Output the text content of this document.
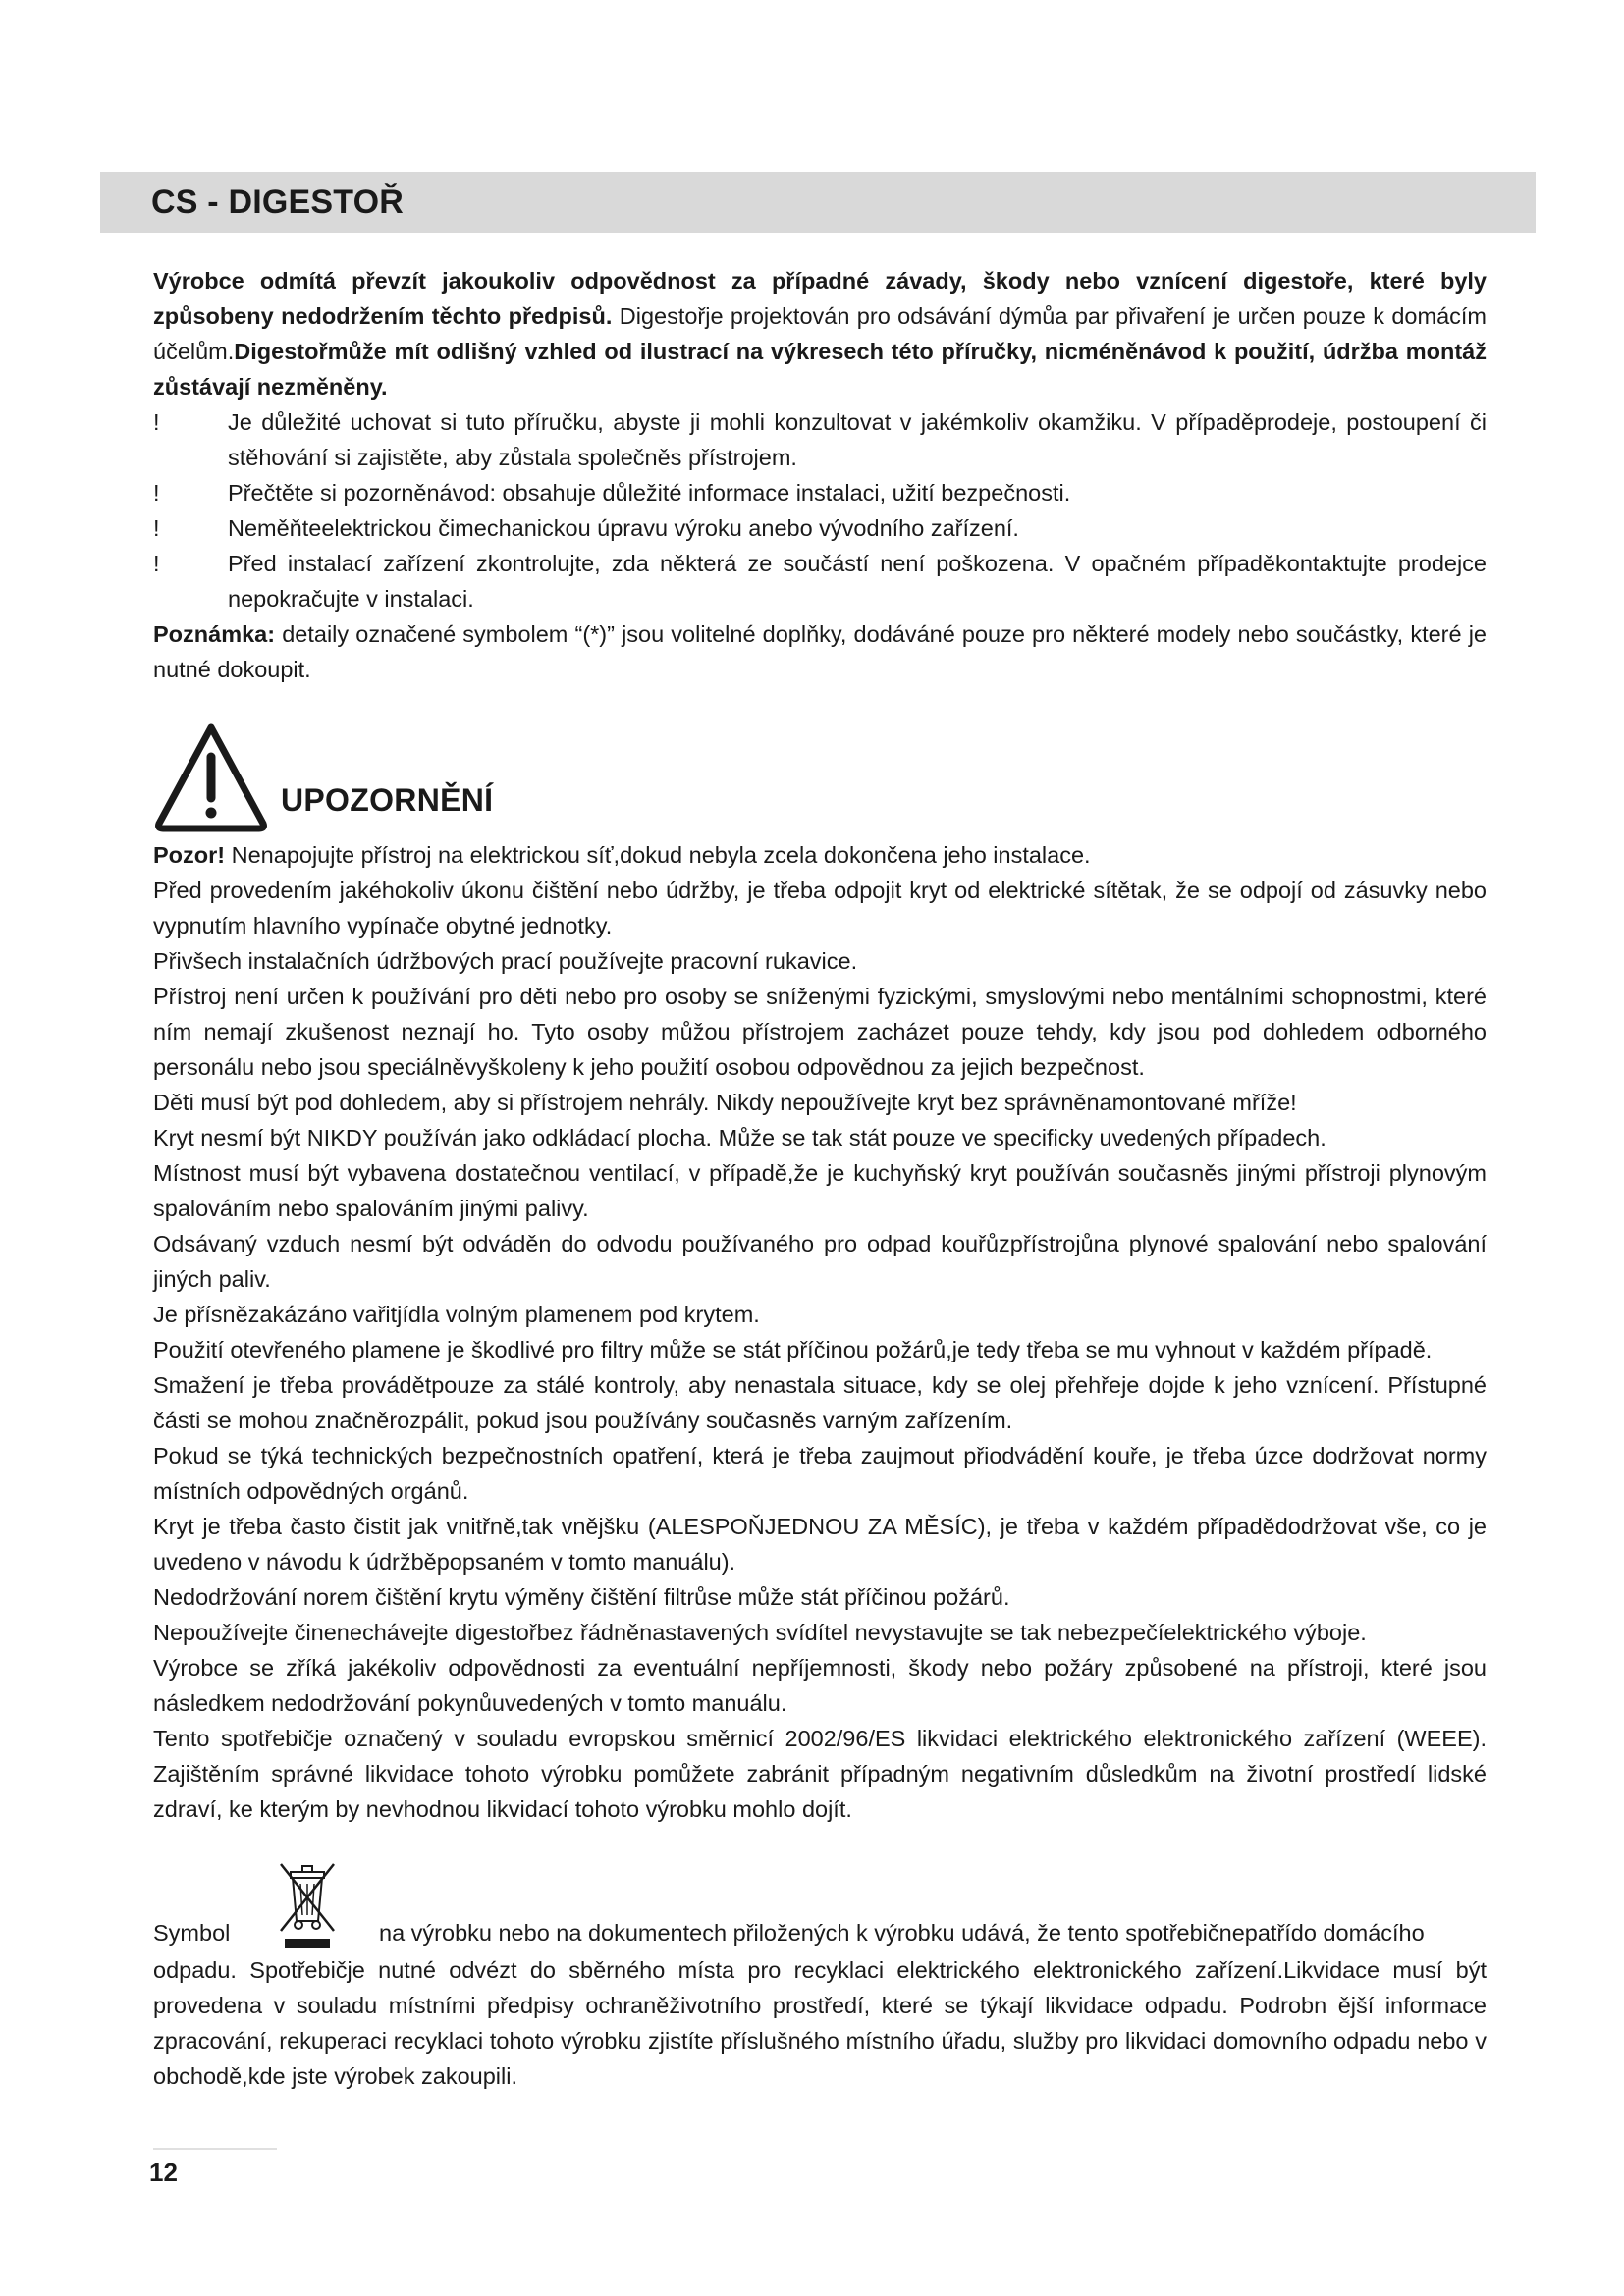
CS - DIGESTOŘ

Výrobce odmítá převzít jakoukoliv odpovědnost za případné závady, škody nebo vznícení digestoře, které byly způsobeny nedodržením těchto předpisů. Digestořje projektován pro odsávání dýmůa par přivaření je určen pouze k domácím účelům.Digestořmůže mít odlišný vzhled od ilustrací na výkresech této příručky, nicméněnávod k použití, údržba montáž zůstávají nezměněny.

!	Je důležité uchovat si tuto příručku, abyste ji mohli konzultovat v jakémkoliv okamžiku. V případěprodeje, postoupení či stěhování si zajistěte, aby zůstala společněs přístrojem.
!	Přečtěte si pozorněnávod: obsahuje důležité informace instalaci, užití bezpečnosti.
!	Neměňteelektrickou čimechanickou úpravu výroku anebo vývodního zařízení.
!	Před instalací zařízení zkontrolujte, zda některá ze součástí není poškozena. V opačném případěkontaktujte prodejce nepokračujte v instalaci.

Poznámka: detaily označené symbolem “(*)” jsou volitelné doplňky, dodáváné pouze pro některé modely nebo součástky, které je nutné dokoupit.

UPOZORNĚNÍ

Pozor! Nenapojujte přístroj na elektrickou síť,dokud nebyla zcela dokončena jeho instalace.

Před provedením jakéhokoliv úkonu čištění nebo údržby, je třeba odpojit kryt od elektrické sítětak, že se odpojí od zásuvky nebo vypnutím hlavního vypínače obytné jednotky.

Přivšech instalačních údržbových prací používejte pracovní rukavice.

Přístroj není určen k používání pro děti nebo pro osoby se sníženými fyzickými, smyslovými nebo mentálními schopnostmi, které ním nemají zkušenost neznají ho. Tyto osoby můžou přístrojem zacházet pouze tehdy, kdy jsou pod dohledem odborného personálu nebo jsou speciálněvyškoleny k jeho použití osobou odpovědnou za jejich bezpečnost.

Děti musí být pod dohledem, aby si přístrojem nehrály. Nikdy nepoužívejte kryt bez správněnamontované mříže!

Kryt nesmí být NIKDY používán jako odkládací plocha. Může se tak stát pouze ve specificky uvedených případech.

Místnost musí být vybavena dostatečnou ventilací, v případě,že je kuchyňský kryt používán současněs jinými přístroji plynovým spalováním nebo spalováním jinými palivy.

Odsávaný vzduch nesmí být odváděn do odvodu používaného pro odpad kouřůzpřístrojůna plynové spalování nebo spalování jiných paliv.

Je přísnězakázáno vařitjídla volným plamenem pod krytem.

Použití otevřeného plamene je škodlivé pro filtry může se stát příčinou požárů,je tedy třeba se mu vyhnout v každém případě.

Smažení je třeba provádětpouze za stálé kontroly, aby nenastala situace, kdy se olej přehřeje dojde k jeho vznícení. Přístupné části se mohou značněrozpálit, pokud jsou používány současněs varným zařízením.

Pokud se týká technických bezpečnostních opatření, která je třeba zaujmout přiodvádění kouře, je třeba úzce dodržovat normy místních odpovědných orgánů.

Kryt je třeba často čistit jak vnitřně,tak vnějšku (ALESPOŇJEDNOU ZA MĚSÍC), je třeba v každém případědodržovat vše, co je uvedeno v návodu k údržběpopsaném v tomto manuálu).

Nedodržování norem čištění krytu výměny čištění filtrůse může stát příčinou požárů.

Nepoužívejte činenechávejte digestořbez řádněnastavených svídítel nevystavujte se tak nebezpečíelektrického výboje.

Výrobce se zříká jakékoliv odpovědnosti za eventuální nepříjemnosti, škody nebo požáry způsobené na přístroji, které jsou následkem nedodržování pokynůuvedených v tomto manuálu.

Tento spotřebičje označený v souladu evropskou směrnicí 2002/96/ES likvidaci elektrického elektronického zařízení (WEEE). Zajištěním správné likvidace tohoto výrobku pomůžete zabránit případným negativním důsledkům na životní prostředí lidské zdraví, ke kterým by nevhodnou likvidací tohoto výrobku mohlo dojít.

Symbol	na výrobku nebo na dokumentech přiložených k výrobku udává, že tento spotřebičnepatřído domácího

odpadu. Spotřebičje nutné odvézt do sběrného místa pro recyklaci elektrického elektronického zařízení.Likvidace musí být provedena v souladu místními předpisy ochraněživotního prostředí, které se týkají likvidace odpadu. Podrobn ější informace zpracování, rekuperaci recyklaci tohoto výrobku zjistíte příslušného místního úřadu, služby pro likvidaci domovního odpadu nebo v obchodě,kde jste výrobek zakoupili.

12
